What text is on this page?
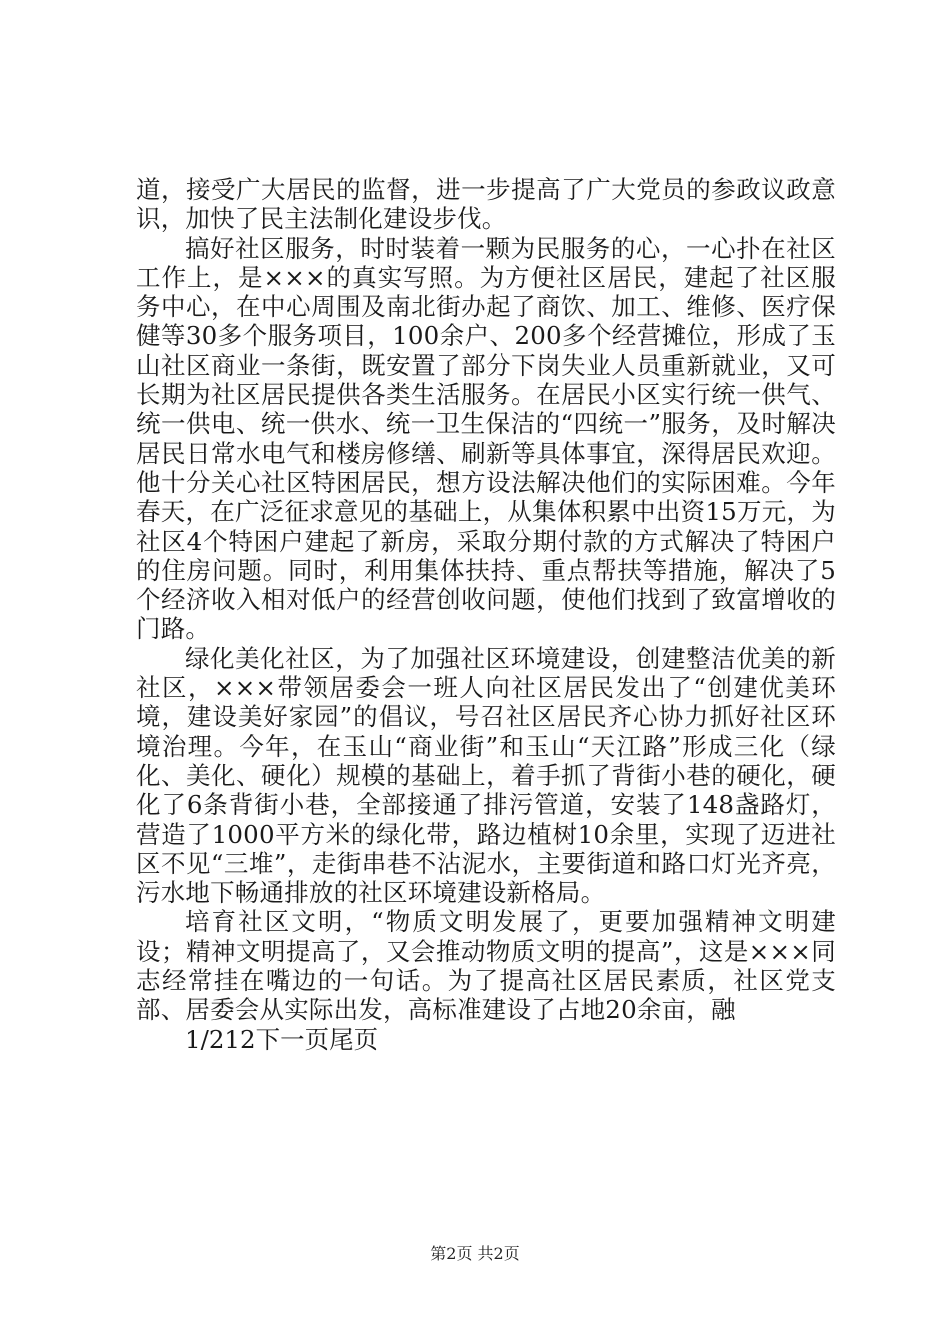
道，接受广大居民的监督，进一步提高了广大党员的参政议政意识，加快了民主法制化建设步伐。

搞好社区服务，时时装着一颗为民服务的心，一心扑在社区工作上，是×××的真实写照。为方便社区居民，建起了社区服务中心，在中心周围及南北街办起了商饮、加工、维修、医疗保健等30多个服务项目，100余户、200多个经营摊位，形成了玉山社区商业一条街，既安置了部分下岗失业人员重新就业，又可长期为社区居民提供各类生活服务。在居民小区实行统一供气、统一供电、统一供水、统一卫生保洁的“四统一”服务，及时解决居民日常水电气和楼房修缮、刷新等具体事宜，深得居民欢迎。他十分关心社区特困居民，想方设法解决他们的实际困难。今年春天，在广泛征求意见的基础上，从集体积累中出资15万元，为社区4个特困户建起了新房，采取分期付款的方式解决了特困户的住房问题。同时，利用集体扶持、重点帮扶等措施，解决了5个经济收入相对低户的经营创收问题，使他们找到了致富增收的门路。

绿化美化社区，为了加强社区环境建设，创建整洁优美的新社区，×××带领居委会一班人向社区居民发出了“创建优美环境，建设美好家园”的倡议，号召社区居民齐心协力抓好社区环境治理。今年，在玉山“商业街”和玉山“天江路”形成三化（绿化、美化、硬化）规模的基础上，着手抓了背街小巷的硬化，硬化了6条背街小巷，全部接通了排污管道，安装了148盏路灯，营造了1000平方米的绿化带，路边植树10余里，实现了迈进社区不见“三堆”，走街串巷不沾泥水，主要街道和路口灯光齐亮，污水地下畅通排放的社区环境建设新格局。

培育社区文明，“物质文明发展了，更要加强精神文明建设；精神文明提高了，又会推动物质文明的提高”，这是×××同志经常挂在嘴边的一句话。为了提高社区居民素质，社区党支部、居委会从实际出发，高标准建设了占地20余亩，融

1/212下一页尾页

第2页 共2页
